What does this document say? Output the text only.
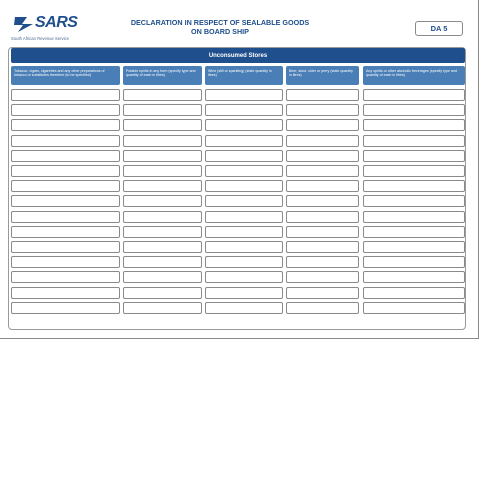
SARS
South African Revenue Service
DECLARATION IN RESPECT OF SEALABLE GOODS
ON BOARD SHIP	DA 5
Unconsumed Stores
Tobacco, cigars, cigarettes and any other preparations of tobacco or substitutes therefore (to be specified)
Potable spirits in any form (specify type and quantity of each in litres)
Wine (still or sparkling) (state quantity in litres)
Beer, stout, cider or perry (state quantity in litres)
Any spirits or other alcoholic beverages (specify type and quantity of each in litres)
